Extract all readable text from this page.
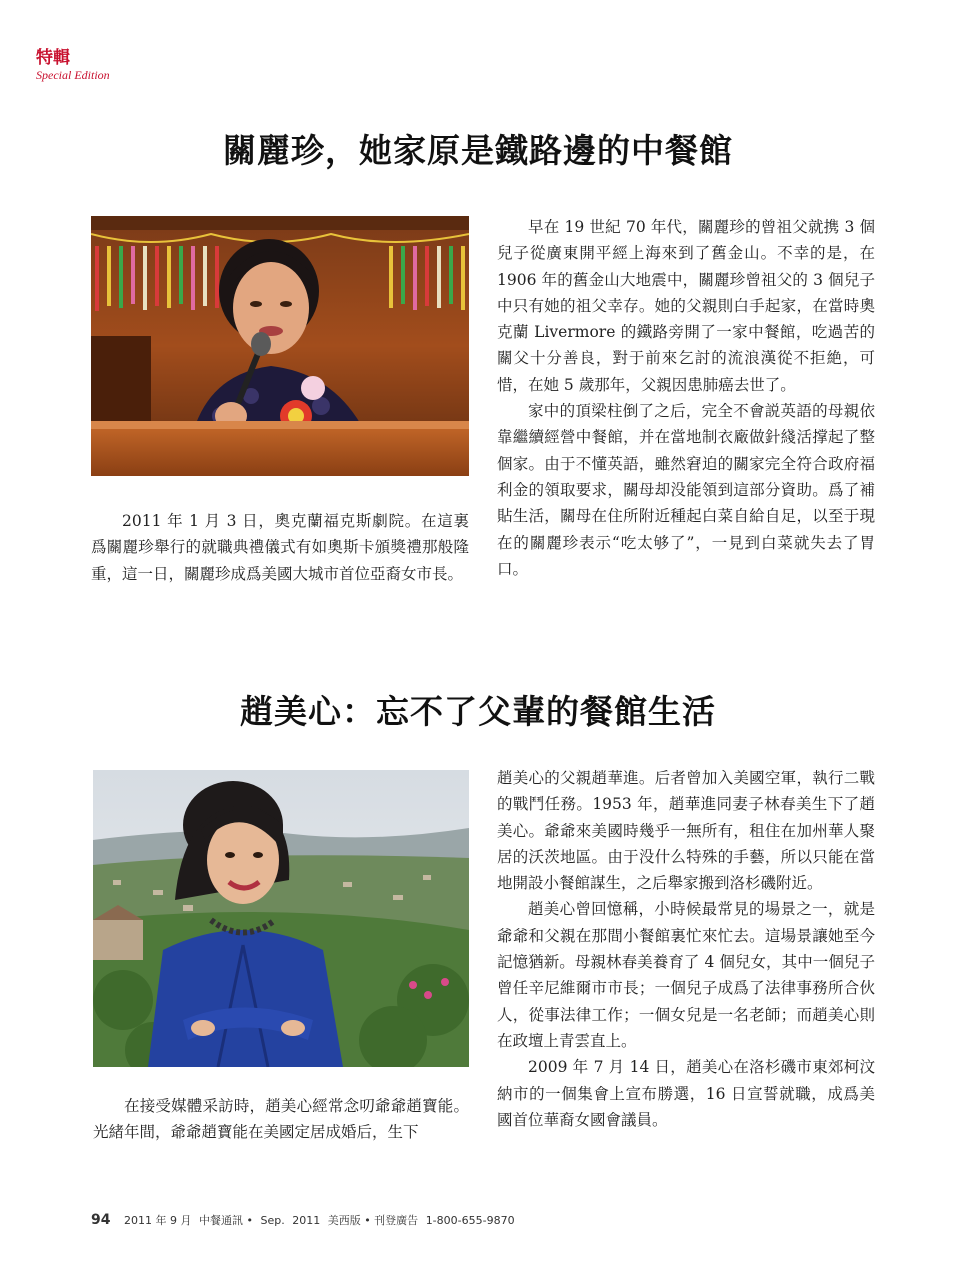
特輯
Special Edition
關麗珍，她家原是鐵路邊的中餐館

2011 年 1 月 3 日，奧克蘭福克斯劇院。在這裏爲關麗珍舉行的就職典禮儀式有如奧斯卡頒獎禮那般隆重，這一日，關麗珍成爲美國大城市首位亞裔女市長。

早在 19 世紀 70 年代，關麗珍的曾祖父就携 3 個兒子從廣東開平經上海來到了舊金山。不幸的是，在 1906 年的舊金山大地震中，關麗珍曾祖父的 3 個兒子中只有她的祖父幸存。她的父親則白手起家，在當時奧克蘭 Livermore 的鐵路旁開了一家中餐館，吃過苦的關父十分善良，對于前來乞討的流浪漢從不拒絶，可惜，在她 5 歲那年，父親因患肺癌去世了。

家中的頂梁柱倒了之后，完全不會説英語的母親依靠繼續經營中餐館，并在當地制衣廠做針綫活撑起了整個家。由于不懂英語，雖然窘迫的關家完全符合政府福利金的領取要求，關母却没能領到這部分資助。爲了補貼生活，關母在住所附近種起白菜自給自足，以至于現在的關麗珍表示“吃太够了”，一見到白菜就失去了胃口。

趙美心：忘不了父輩的餐館生活

趙美心的父親趙華進。后者曾加入美國空軍，執行二戰的戰鬥任務。1953 年，趙華進同妻子林春美生下了趙美心。爺爺來美國時幾乎一無所有，租住在加州華人聚居的沃茨地區。由于没什么特殊的手藝，所以只能在當地開設小餐館謀生，之后舉家搬到洛杉磯附近。

趙美心曾回憶稱，小時候最常見的場景之一，就是爺爺和父親在那間小餐館裏忙來忙去。這場景讓她至今記憶猶新。母親林春美養育了 4 個兒女，其中一個兒子曾任辛尼維爾市市長；一個兒子成爲了法律事務所合伙人，從事法律工作；一個女兒是一名老師；而趙美心則在政壇上青雲直上。

2009 年 7 月 14 日，趙美心在洛杉磯市東郊柯汶納市的一個集會上宣布勝選，16 日宣誓就職，成爲美國首位華裔女國會議員。

在接受媒體采訪時，趙美心經常念叨爺爺趙寶能。光緒年間，爺爺趙寶能在美國定居成婚后，生下

94 2011 年 9 月 中餐通訊 • Sep. 2011 美西版 • 刊登廣告 1-800-655-9870
